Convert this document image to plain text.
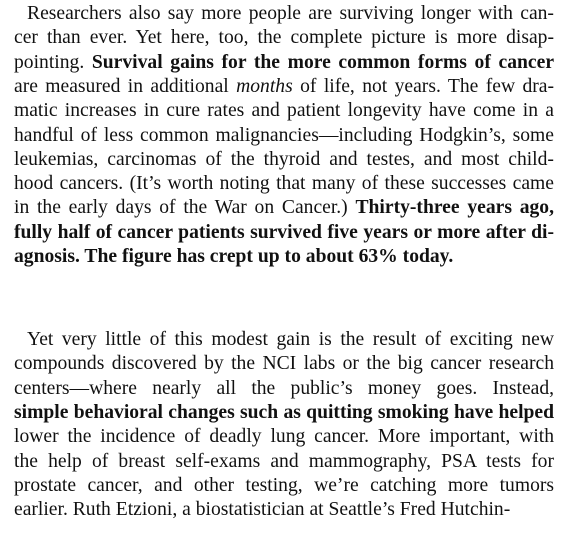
Researchers also say more people are surviving longer with can-
cer than ever. Yet here, too, the complete picture is more disap-
pointing. Survival gains for the more common forms of cancer
are measured in additional months of life, not years. The few dra-
matic increases in cure rates and patient longevity have come in a
handful of less common malignancies—including Hodgkin’s, some
leukemias, carcinomas of the thyroid and testes, and most child-
hood cancers. (It’s worth noting that many of these successes came
in the early days of the War on Cancer.) Thirty-three years ago,
fully half of cancer patients survived five years or more after di-
agnosis. The figure has crept up to about 63% today.
Yet very little of this modest gain is the result of exciting new
compounds discovered by the NCI labs or the big cancer research
centers—where nearly all the public’s money goes. Instead,
simple behavioral changes such as quitting smoking have helped
lower the incidence of deadly lung cancer. More important, with
the help of breast self-exams and mammography, PSA tests for
prostate cancer, and other testing, we’re catching more tumors
earlier. Ruth Etzioni, a biostatistician at Seattle’s Fred Hutchin-
